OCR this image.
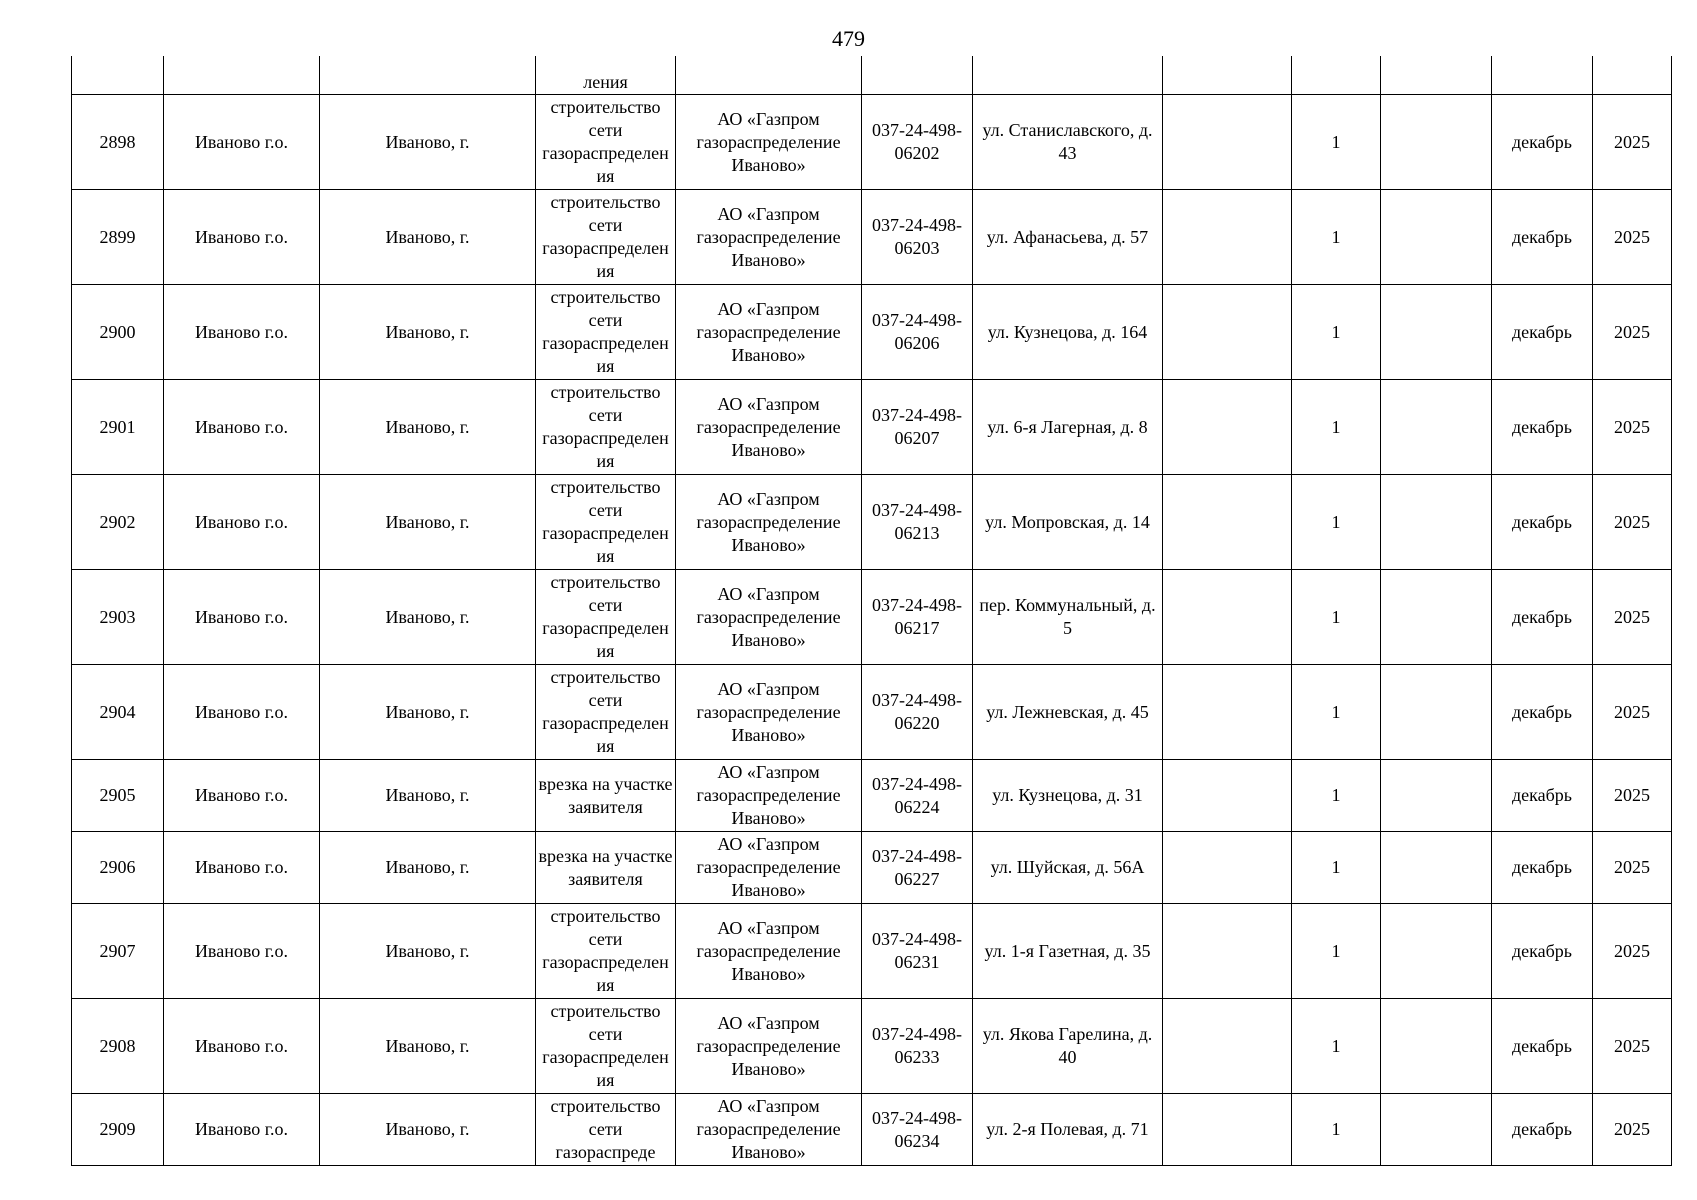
479
			ления								
2898	Иваново г.о.	Иваново, г.	строительство сети газораспределения	АО «Газпром газораспределение Иваново»	037-24-498-06202	ул. Станиславского, д. 43		1		декабрь	2025
2899	Иваново г.о.	Иваново, г.	строительство сети газораспределения	АО «Газпром газораспределение Иваново»	037-24-498-06203	ул. Афанасьева, д. 57		1		декабрь	2025
2900	Иваново г.о.	Иваново, г.	строительство сети газораспределения	АО «Газпром газораспределение Иваново»	037-24-498-06206	ул. Кузнецова, д. 164		1		декабрь	2025
2901	Иваново г.о.	Иваново, г.	строительство сети газораспределения	АО «Газпром газораспределение Иваново»	037-24-498-06207	ул. 6-я Лагерная, д. 8		1		декабрь	2025
2902	Иваново г.о.	Иваново, г.	строительство сети газораспределения	АО «Газпром газораспределение Иваново»	037-24-498-06213	ул. Мопровская, д. 14		1		декабрь	2025
2903	Иваново г.о.	Иваново, г.	строительство сети газораспределения	АО «Газпром газораспределение Иваново»	037-24-498-06217	пер. Коммунальный, д. 5		1		декабрь	2025
2904	Иваново г.о.	Иваново, г.	строительство сети газораспределения	АО «Газпром газораспределение Иваново»	037-24-498-06220	ул. Лежневская, д. 45		1		декабрь	2025
2905	Иваново г.о.	Иваново, г.	врезка на участке заявителя	АО «Газпром газораспределение Иваново»	037-24-498-06224	ул. Кузнецова, д. 31		1		декабрь	2025
2906	Иваново г.о.	Иваново, г.	врезка на участке заявителя	АО «Газпром газораспределение Иваново»	037-24-498-06227	ул. Шуйская, д. 56А		1		декабрь	2025
2907	Иваново г.о.	Иваново, г.	строительство сети газораспределения	АО «Газпром газораспределение Иваново»	037-24-498-06231	ул. 1-я Газетная, д. 35		1		декабрь	2025
2908	Иваново г.о.	Иваново, г.	строительство сети газораспределения	АО «Газпром газораспределение Иваново»	037-24-498-06233	ул. Якова Гарелина, д. 40		1		декабрь	2025
2909	Иваново г.о.	Иваново, г.	строительство сети газораспреде	АО «Газпром газораспределение Иваново»	037-24-498-06234	ул. 2-я Полевая, д. 71		1		декабрь	2025
